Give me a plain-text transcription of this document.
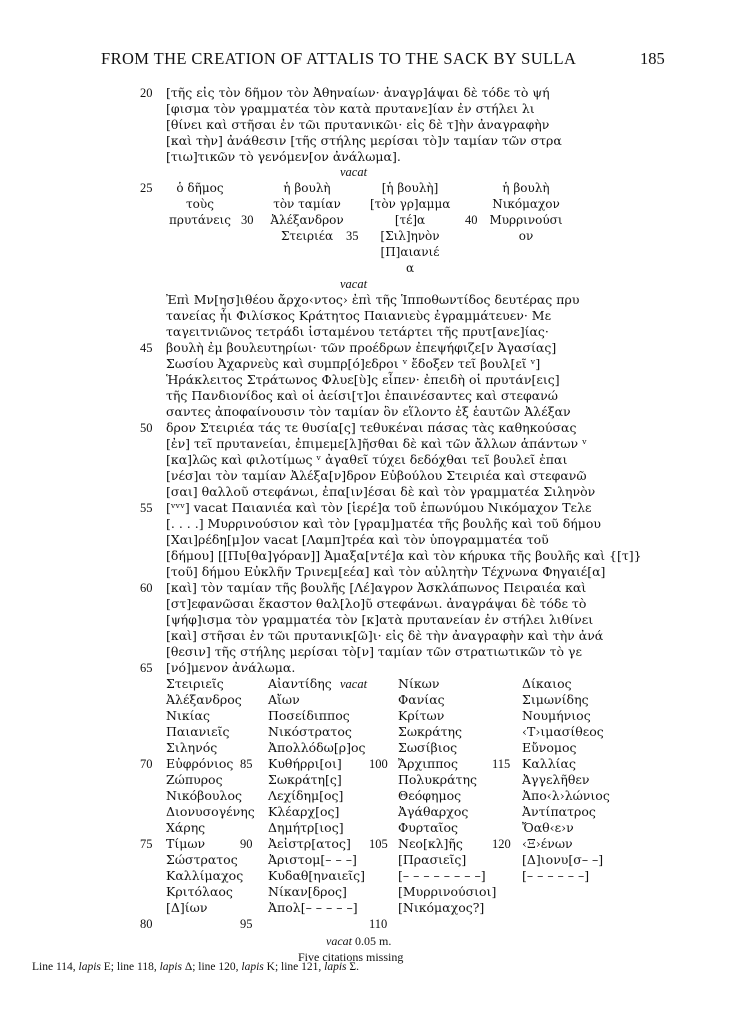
FROM THE CREATION OF ATTALIS TO THE SACK BY SULLA	185
20 [τῆς εἰς τὸν δῆμον τὸν Ἀθηναίων· ἀναγρ]άψαι δὲ τόδε τὸ ψή
[φισμα τὸν γραμματέα τὸν κατὰ πρυτανε]ίαν ἐν στήλει λι
[θίνει καὶ στῆσαι ἐν τῶι πρυτανικῶι· εἰς δὲ τ]ὴν ἀναγραφὴν
[καὶ τὴν] ἀνάθεσιν [τῆς στήλης μερίσαι τὸ]ν ταμίαν τῶν στρα
[τιω]τικῶν τὸ γενόμεν[ον ἀνάλωμα].
vacat
25
30
35
40
ὁ δῆμος
τοὺς
πρυτάνεις
ἡ βουλὴ
τὸν ταμίαν
Ἀλέξανδρον
Στειριέα
[ἡ βουλὴ]
[τὸν γρ]αμμα
[τέ]α
[Σιλ]ηνὸν
[Π]αιανιέ
α
ἡ βουλὴ
Νικόμαχον
Μυρρινούσι
ον
vacat
45
50
55
60
65
Ἐπὶ Μν[ησ]ιθέου ἄρχο‹ντος› ἐπὶ τῆς Ἱπποθωντίδος δευτέρας πρυ
τανείας ἧι Φιλίσκος Κράτητος Παιανιεὺς ἐγραμμάτευεν· Με
ταγειτνιῶνος τετράδι ἱσταμένου τετάρτει τῆς πρυτ[ανε]ίας·
βουλὴ ἐμ βουλευτηρίωι· τῶν προέδρων ἐπεψήφιζε[ν Ἀγασίας]
Σωσίου Ἀχαρνεὺς καὶ συμπρ[ό]εδροι ᵛ ἔδοξεν τεῖ βουλ[εῖ ᵛ]
Ἡράκλειτος Στράτωνος Φλυε[ὺ]ς εἶπεν· ἐπειδὴ οἱ πρυτάν[εις]
τῆς Πανδιονίδος καὶ οἱ ἀείσι[τ]οι ἐπαινέσαντες καὶ στεφανώ
σαντες ἀποφαίνουσιν τὸν ταμίαν ὃν εἵλοντο ἐξ ἑαυτῶν Ἀλέξαν
δρον Στειριέα τάς τε θυσία[ς] τεθυκέναι πάσας τὰς καθηκούσας
[ἐν] τεῖ πρυτανείαι, ἐπιμεμε[λ]ῆσθαι δὲ καὶ τῶν ἄλλων ἁπάντων ᵛ
[κα]λῶς καὶ φιλοτίμως ᵛ ἀγαθεῖ τύχει δεδόχθαι τεῖ βουλεῖ ἐπαι
[νέσ]αι τὸν ταμίαν Ἀλέξα[ν]δρον Εὐβούλου Στειριέα καὶ στεφανῶ
[σαι] θαλλοῦ στεφάνωι, ἐπα[ιν]έσαι δὲ καὶ τὸν γραμματέα Σιληνὸν
[ᵛᵛᵛ] vacat Παιανιέα καὶ τὸν [ἱερέ]α τοῦ ἐπωνύμου Νικόμαχον Τελε
[. . . .] Μυρρινούσιον καὶ τὸν [γραμ]ματέα τῆς βουλῆς καὶ τοῦ δήμου
[Χαι]ρέδη[μ]ον vacat [Λαμπ]τρέα καὶ τὸν ὑπογραμματέα τοῦ
[δήμου] [[Πυ[θα]γόραν]] Ἀμαξα[ντέ]α καὶ τὸν κήρυκα τῆς βουλῆς καὶ {[τ]}
[τοῦ] δήμου Εὐκλῆν Τρινεμ[εέα] καὶ τὸν αὐλητὴν Τέχνωνα Φηγαιέ[α]
[καὶ] τὸν ταμίαν τῆς βουλῆς [Λέ]αγρον Ἀσκλάπωνος Πειραιέα καὶ
[στ]εφανῶσαι ἕκαστον θαλ[λο]ῦ στεφάνωι. ἀναγράψαι δὲ τόδε τὸ
[ψήφ]ισμα τὸν γραμματέα τὸν [κ]ατὰ πρυτανείαν ἐν στήλει λιθίνει
[καὶ] στῆσαι ἐν τῶι πρυτανικ[ῶ]ι· εἰς δὲ τὴν ἀναγραφὴν καὶ τὴν ἀνά
[θεσιν] τῆς στήλης μερίσαι τὸ[ν] ταμίαν τῶν στρατιωτικῶν τὸ γε
[νό]μενον ἀνάλωμα.
vacat
70
75
80
85
90
95
100
105
110
115
120
Στειριεῖς
Ἀλέξανδρος
Νικίας
Παιανιεῖς
Σιληνός
Εὐφρόνιος
Ζώπυρος
Νικόβουλος
Διονυσογένης
Χάρης
Τίμων
Σώστρατος
Καλλίμαχος
Κριτόλαος
[Δ]ίων
Αἰαντίδης
Αἴων
Ποσείδιππος
Νικόστρατος
Ἀπολλόδω[ρ]ος
Κυθήρρι[οι]
Σωκράτη[ς]
Λεχίδημ[ος]
Κλέαρχ[ος]
Δημήτρ[ιος]
Ἀεἰστρ[ατος]
Ἀριστομ[– – –]
Κυδαθ[ηναιεῖς]
Νίκαν[δρος]
Ἀπολ[– – – – –]
Νίκων
Φανίας
Κρίτων
Σωκράτης
Σωσίβιος
Ἄρχιππος
Πολυκράτης
Θεόφημος
Ἀγάθαρχος
Φυρταῖος
Νεο[κλ]ῆς
[Πρασιεῖς]
[– – – – – – – –]
[Μυρρινούσιοι]
[Νικόμαχος?]
Δίκαιος
Σιμωνίδης
Νουμήνιος
‹Τ›ιμασίθεος
Εὔνομος
Καλλίας
Ἀγγελῆθεν
Ἀπο‹λ›λώνιος
Ἀντίπατρος
Ὄαθ‹ε›ν
‹Ξ›ένων
[Δ]ιονυ[σ– –]
[– – – – – –]
vacat 0.05 m.
Five citations missing
Line 114, lapis E; line 118, lapis Δ; line 120, lapis K; line 121, lapis Σ.
